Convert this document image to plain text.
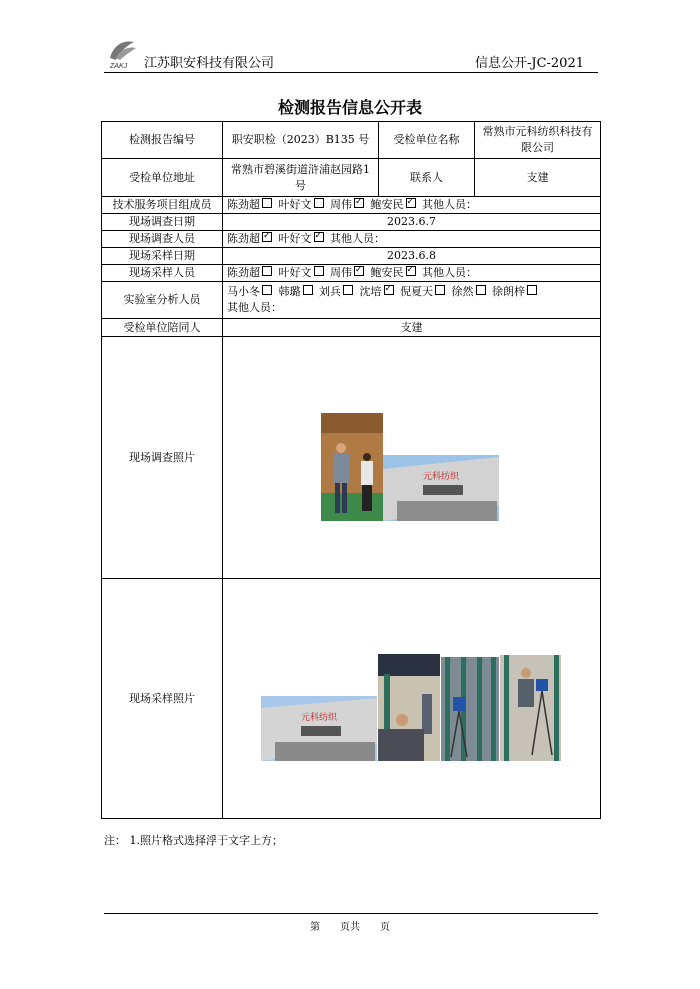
ZAKJ 江苏职安科技有限公司	信息公开-JC-2021
检测报告信息公开表
检测报告编号	职安职检（2023）B135 号	受检单位名称	常熟市元科纺织科技有限公司
受检单位地址	常熟市碧溪街道浒浦赵园路1号	联系人	支建
技术服务项目组成员	陈劲超 叶好文 周伟 ✓ 鲍安民 ✓ 其他人员：
现场调查日期	2023.6.7		
现场调查人员	陈劲超 ✓ 叶好文 ✓ 其他人员：
现场采样日期	2023.6.8		
现场采样人员	陈劲超 叶好文 周伟 ✓ 鲍安民 ✓ 其他人员：
实验室分析人员	马小冬 韩璐 刘兵 沈培 ✓ 倪夏天 徐然 徐朗梓
其他人员：
受检单位陪同人	支建		
现场调查照片			
现场采样照片			
元科纺织
元科纺织
注： 1.照片格式选择浮于文字上方；
第　　页共　　页
